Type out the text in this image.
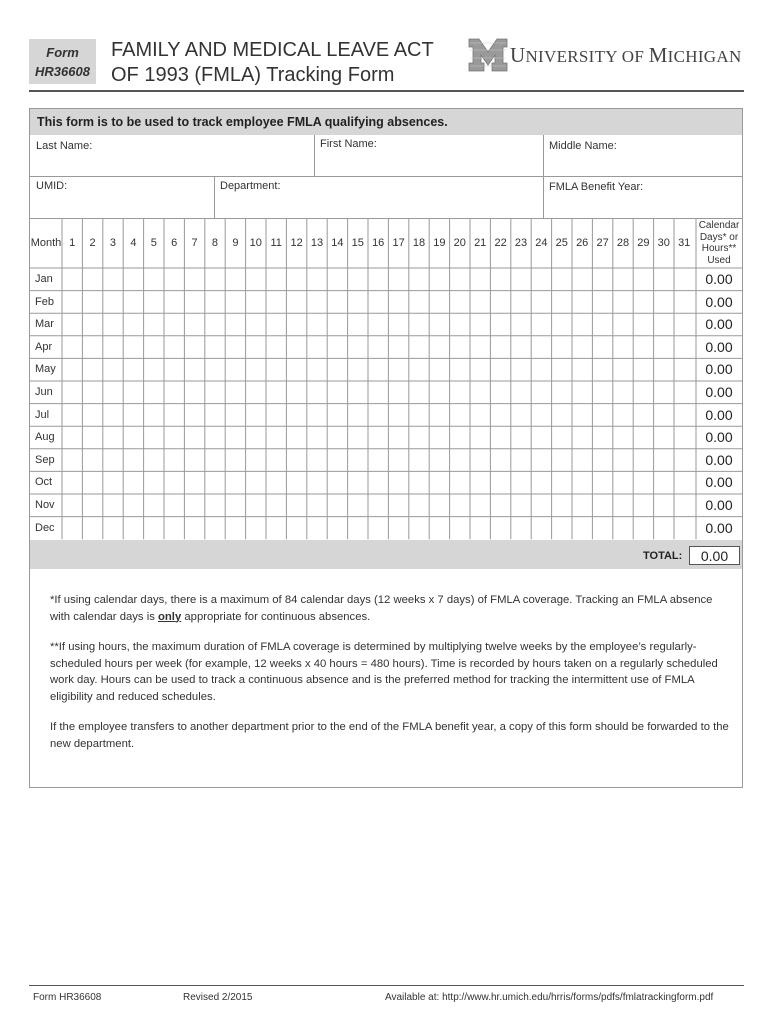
Form
HR36608
FAMILY AND MEDICAL LEAVE ACT
OF 1993 (FMLA) Tracking Form
UNIVERSITY OF MICHIGAN
This form is to be used to track employee FMLA qualifying absences.
Last Name:	First Name:	Middle Name:
UMID:	Department:	FMLA Benefit Year:
Month 1	2	3	4	5	6	7	8	9	10 11 12 13 14 15 16 17 18 19 20 21 22 23 24 25 26 27 28 29 30 31
Calendar
Days* or
Hours**
Used
Jan	0.00
Feb	0.00
Mar	0.00
Apr	0.00
May	0.00
Jun	0.00
Jul	0.00
Aug	0.00
Sep	0.00
Oct	0.00
Nov	0.00
Dec	0.00
TOTAL:	0.00

*If using calendar days, there is a maximum of 84 calendar days (12 weeks x 7 days) of FMLA coverage. Tracking an FMLA absence with calendar days is only appropriate for continuous absences.

**If using hours, the maximum duration of FMLA coverage is determined by multiplying twelve weeks by the employee’s regularly-scheduled hours per week (for example, 12 weeks x 40 hours = 480 hours). Time is recorded by hours taken on a regularly scheduled work day. Hours can be used to track a continuous absence and is the preferred method for tracking the intermittent use of FMLA eligibility and reduced schedules.

If the employee transfers to another department prior to the end of the FMLA benefit year, a copy of this form should be forwarded to the new department.

Form HR36608	Revised 2/2015	Available at: http://www.hr.umich.edu/hrris/forms/pdfs/fmlatrackingform.pdf
